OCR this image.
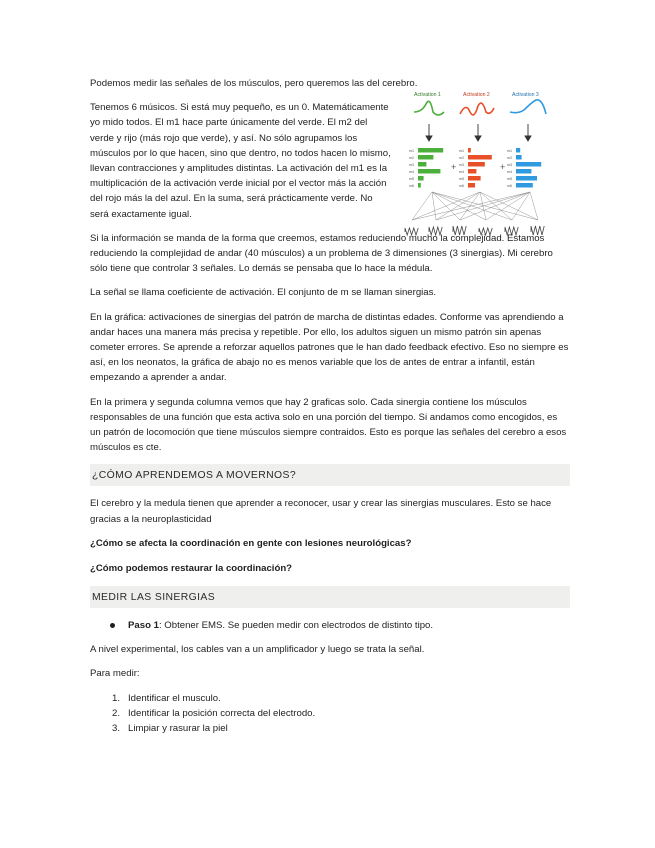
Podemos medir las señales de los músculos, pero queremos las del cerebro.

Tenemos 6 músicos. Si está muy pequeño, es un 0. Matemáticamente yo mido todos. El m1 hace parte únicamente del verde. El m2 del verde y rijo (más rojo que verde), y así. No sólo agrupamos los músculos por lo que hacen, sino que dentro, no todos hacen lo mismo, llevan contracciones y amplitudes distintas. La activación del m1 es la multiplicación de la activación verde inicial por el vector más la acción del rojo más la del azul. En la suma, será prácticamente verde. No será exactamente igual.

Activation 1	Activation 2	Activation 3
m1
m2
m3
m4
m5
m6
m1
m2
m3
m4
m5
m6
m1
m2
m3
m4
m5
m6
+	+

Si la información se manda de la forma que creemos, estamos reduciendo mucho la complejidad. Estamos reduciendo la complejidad de andar (40 músculos) a un problema de 3 dimensiones (3 sinergias). Mi cerebro sólo tiene que controlar 3 señales. Lo demás se pensaba que lo hace la médula.

La señal se llama coeficiente de activación. El conjunto de m se llaman sinergias.

En la gráfica: activaciones de sinergias del patrón de marcha de distintas edades. Conforme vas aprendiendo a andar haces una manera más precisa y repetible. Por ello, los adultos siguen un mismo patrón sin apenas cometer errores. Se aprende a reforzar aquellos patrones que le han dado feedback efectivo. Eso no siempre es así, en los neonatos, la gráfica de abajo no es menos variable que los de antes de entrar a infantil, están empezando a aprender a andar.

En la primera y segunda columna vemos que hay 2 graficas solo. Cada sinergia contiene los músculos responsables de una función que esta activa solo en una porción del tiempo. Si andamos como encogidos, es un patrón de locomoción que tiene músculos siempre contraidos. Esto es porque las señales del cerebro a esos músculos es cte.

¿CÓMO APRENDEMOS A MOVERNOS?

El cerebro y la medula tienen que aprender a reconocer, usar y crear las sinergias musculares. Esto se hace gracias a la neuroplasticidad

¿Cómo se afecta la coordinación en gente con lesiones neurológicas?

¿Cómo podemos restaurar la coordinación?

MEDIR LAS SINERGIAS
Paso 1: Obtener EMS. Se pueden medir con electrodos de distinto tipo.

A nivel experimental, los cables van a un amplificador y luego se trata la señal.

Para medir:

1. Identificar el musculo.
2. Identificar la posición correcta del electrodo.
3. Limpiar y rasurar la piel
